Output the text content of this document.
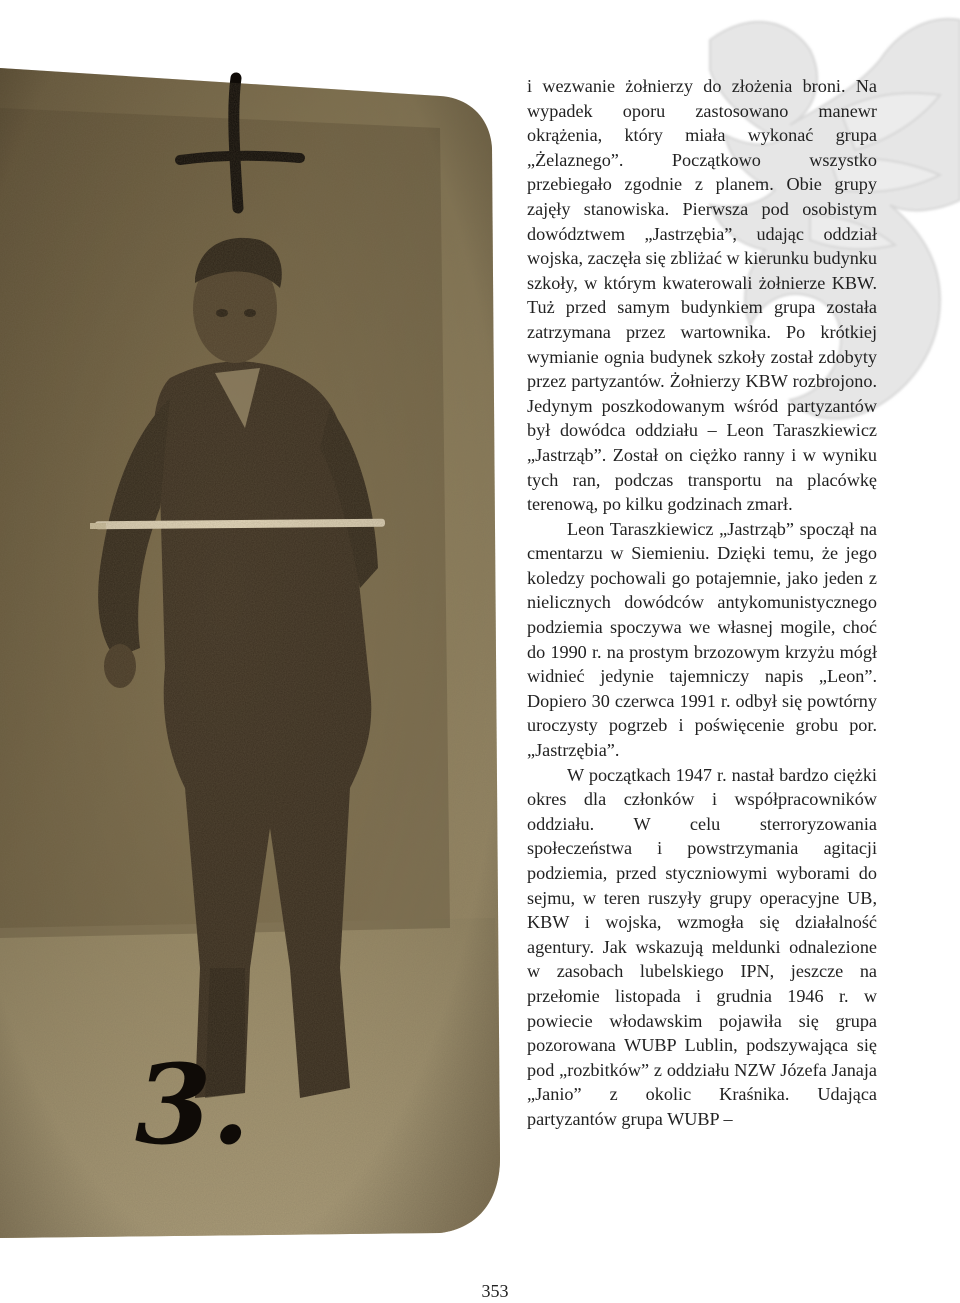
3.

i wezwanie żołnierzy do złożenia broni. Na wypadek oporu zastosowano manewr okrążenia, który miała wykonać grupa „Żelaznego”. Początkowo wszystko przebiegało zgodnie z planem. Obie grupy zajęły stanowiska. Pierwsza pod osobistym dowództwem „Jastrzębia”, udając oddział wojska, zaczęła się zbliżać w kierunku budynku szkoły, w którym kwaterowali żołnierze KBW. Tuż przed samym budynkiem grupa została zatrzymana przez wartownika. Po krótkiej wymianie ognia budynek szkoły został zdobyty przez partyzantów. Żołnierzy KBW rozbrojono. Jedynym poszkodowanym wśród partyzantów był dowódca oddziału – Leon Taraszkiewicz „Jastrząb”. Został on ciężko ranny i w wyniku tych ran, podczas transportu na placówkę terenową, po kilku godzinach zmarł.

Leon Taraszkiewicz „Jastrząb” spoczął na cmentarzu w Siemieniu. Dzięki temu, że jego koledzy pochowali go potajemnie, jako jeden z nielicznych dowódców antykomunistycznego podziemia spoczywa we własnej mogile, choć do 1990 r. na prostym brzozowym krzyżu mógł widnieć jedynie tajemniczy napis „Leon”. Dopiero 30 czerwca 1991 r. odbył się powtórny uroczysty pogrzeb i poświęcenie grobu por. „Jastrzębia”.

W początkach 1947 r. nastał bardzo ciężki okres dla członków i współpracowników oddziału. W celu sterroryzowania społeczeństwa i powstrzymania agitacji podziemia, przed styczniowymi wyborami do sejmu, w teren ruszyły grupy operacyjne UB, KBW i wojska, wzmogła się działalność agentury. Jak wskazują meldunki odnalezione w zasobach lubelskiego IPN, jeszcze na przełomie listopada i grudnia 1946 r. w powiecie włodawskim pojawiła się grupa pozorowana WUBP Lublin, podszywająca się pod „rozbitków” z oddziału NZW Józefa Janaja „Janio” z okolic Kraśnika. Udająca partyzantów grupa WUBP –

353
